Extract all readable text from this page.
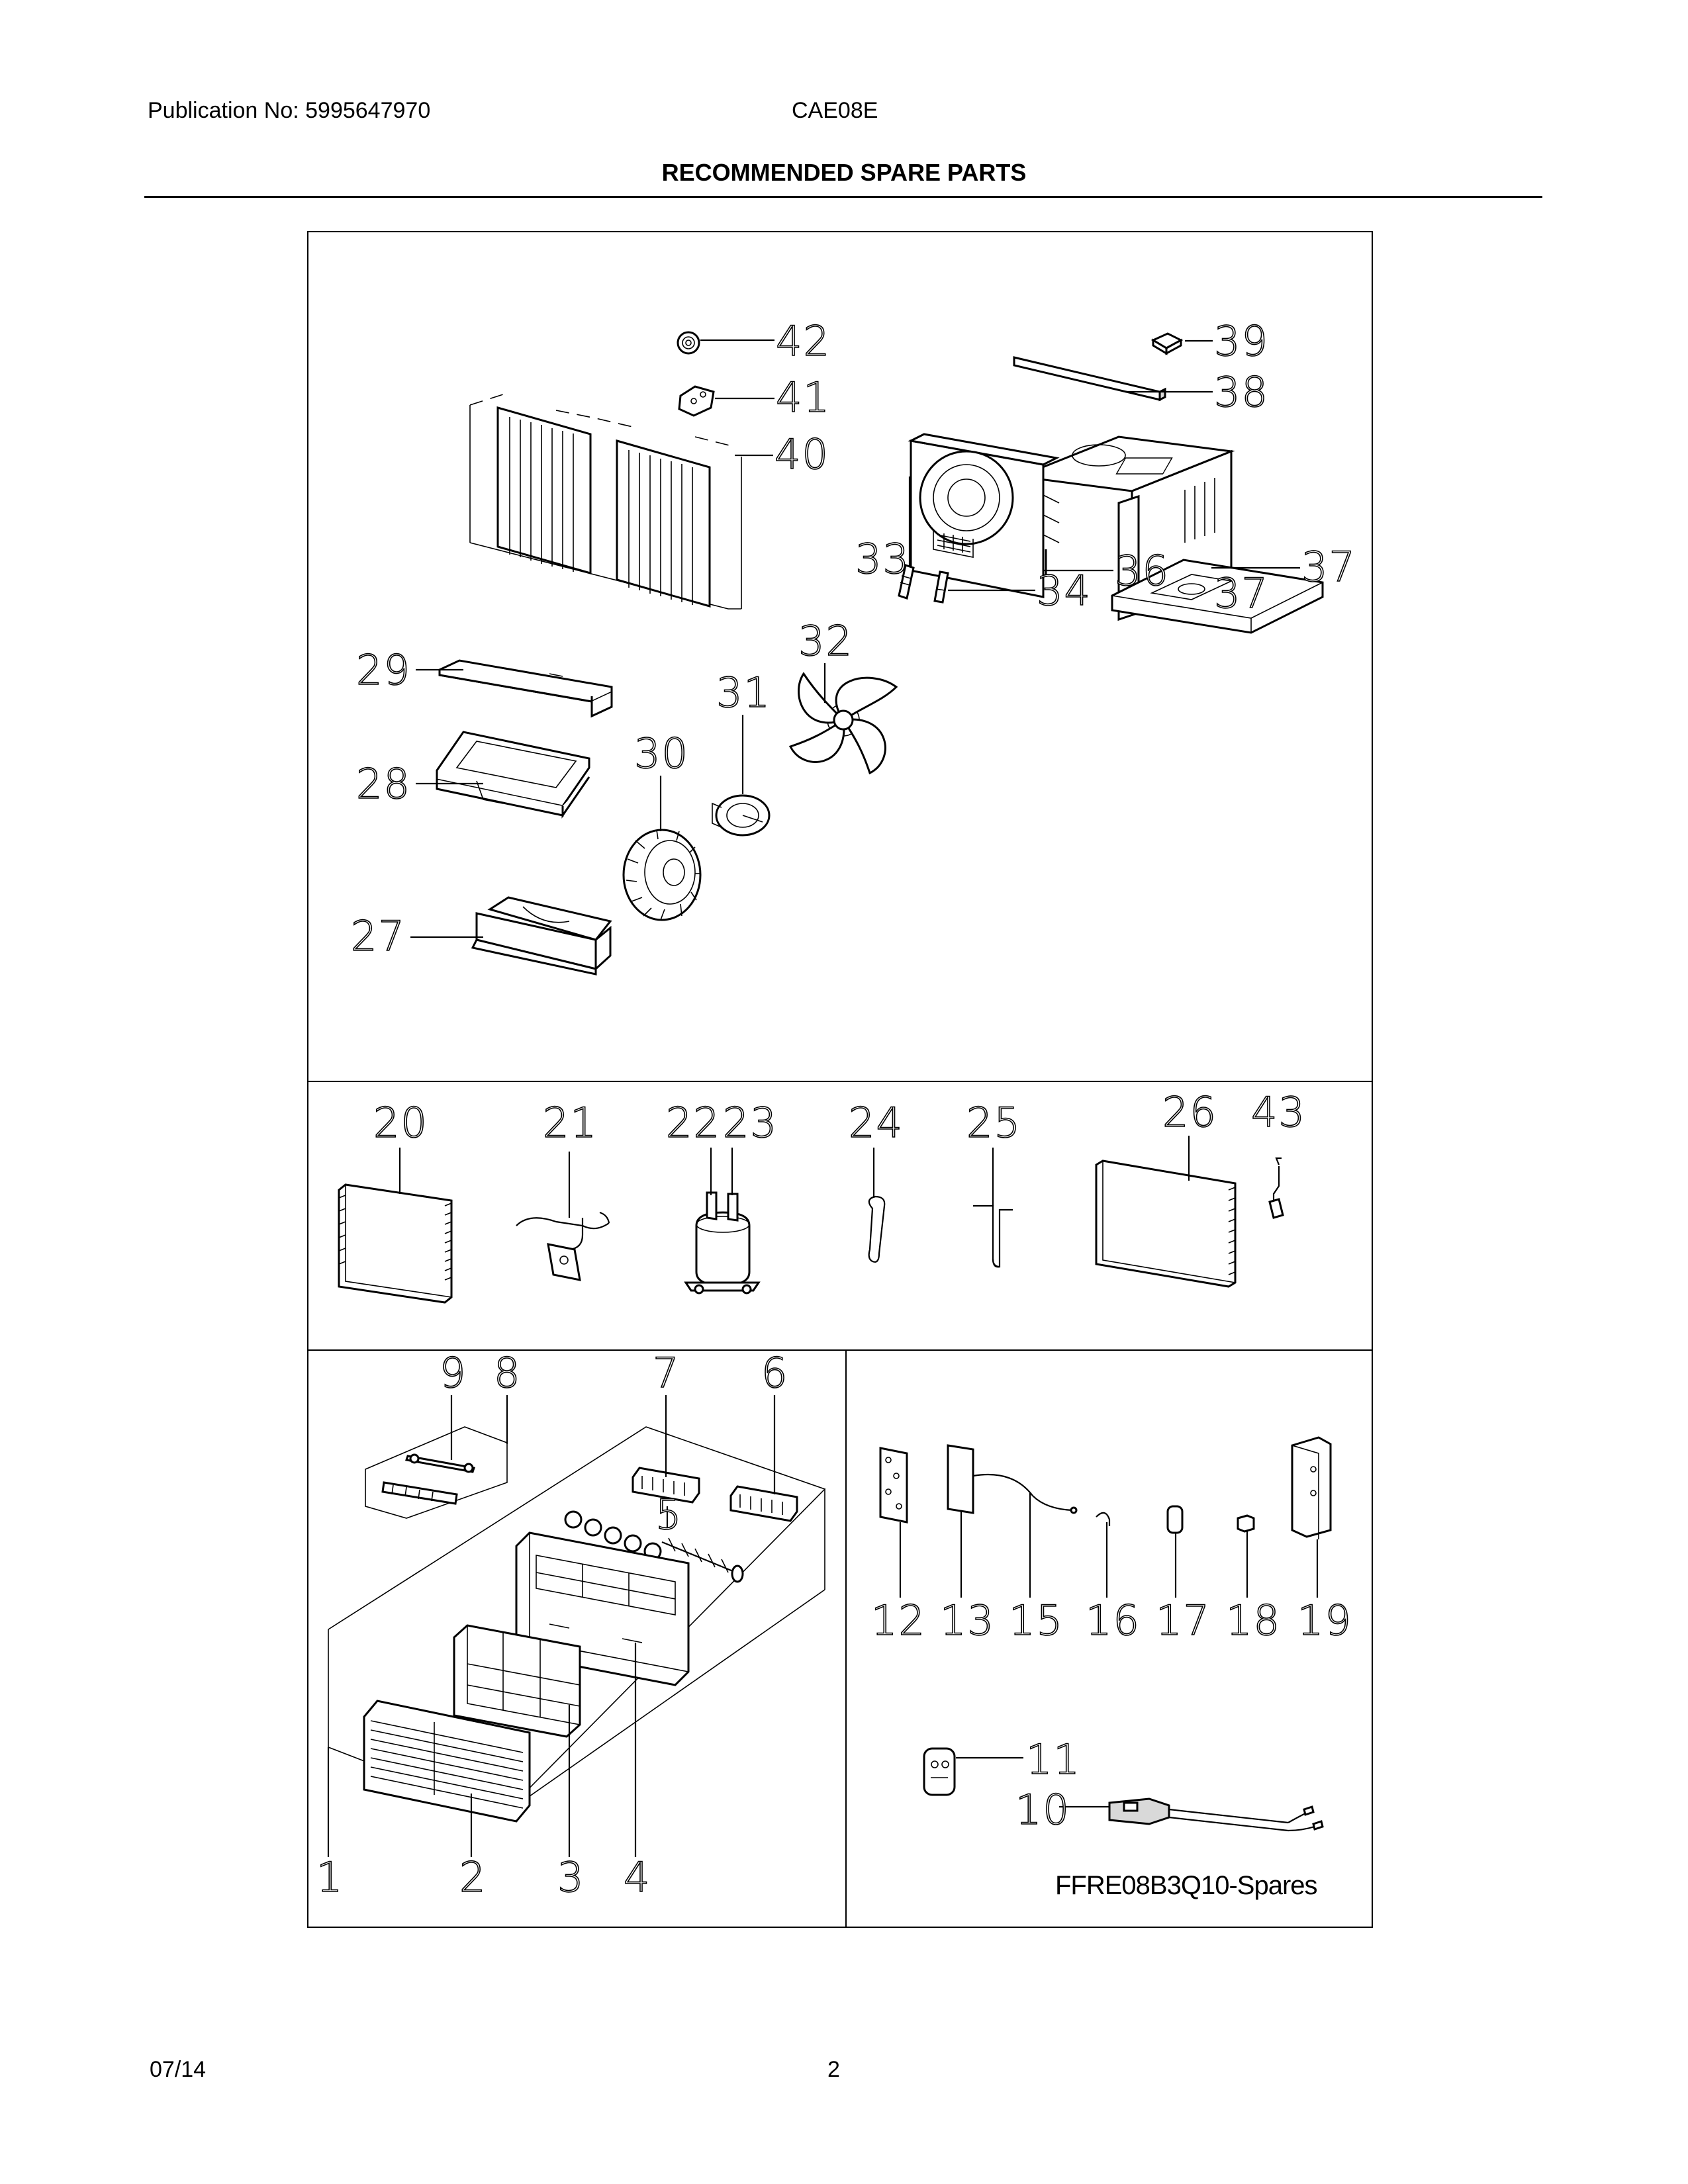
Publication No: 5995647970	CAE08E
RECOMMENDED SPARE PARTS
42
41
40
39
38
37
36	37
34
33
32
31
30
29
28
27
20	21 22 23 24 25	26 43
9 8	7 6
5
1	2 3 4
12 13 15 16 17 18 19
11
10
FFRE08B3Q10-Spares
07/14	2
